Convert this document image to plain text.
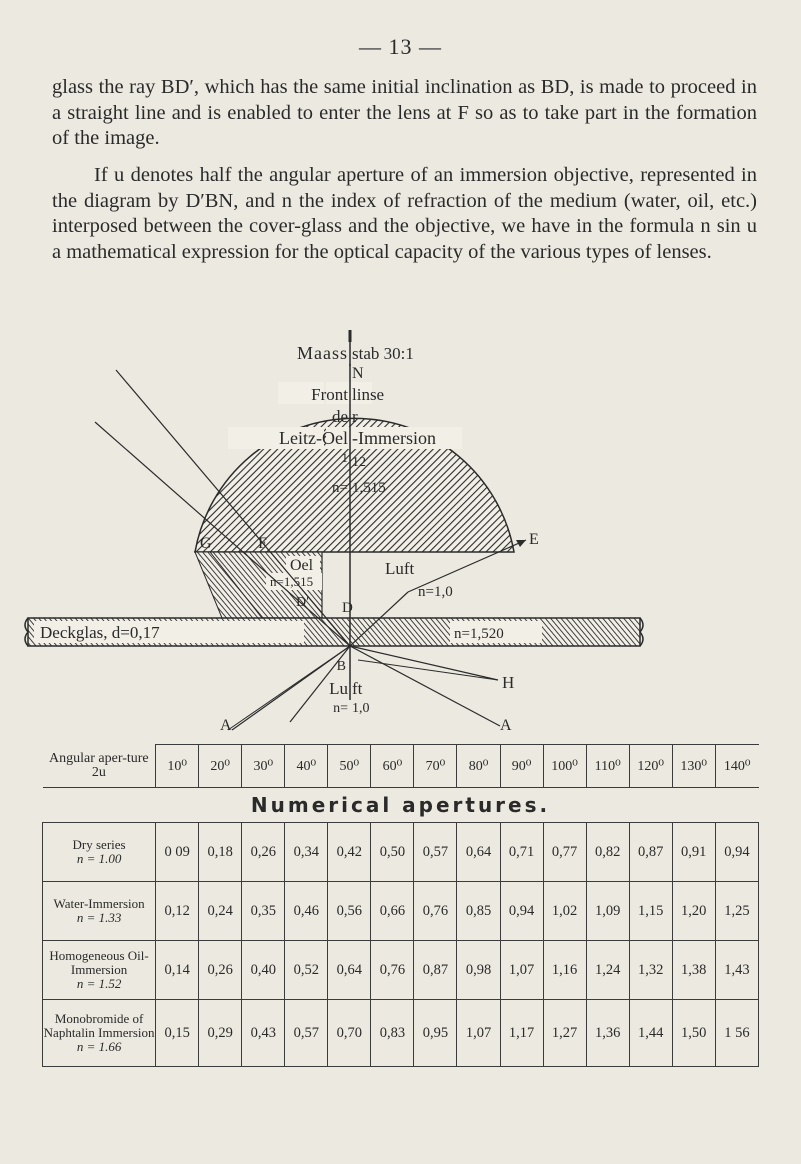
— 13 —
glass the ray BD′, which has the same initial inclination as BD, is made to proceed in a straight line and is enabled to enter the lens at F so as to take part in the formation of the image.
If u denotes half the angular aperture of an immersion objective, represented in the diagram by D′BN, and n the index of refraction of the medium (water, oil, etc.) interposed between the cover-glass and the objective, we have in the formula n sin u a mathematical expression for the optical capacity of the various types of lenses.
Maass stab 30:1
N
Front linse
de r
Leitz-Oel -Immersion
1 12
n= 1,515
G	F
Oel
n=1,515
D′ D
Luft
n=1,0
E
Deckglas, d=0,17	n=1,520
B
Lu ft
n= 1,0
H
A	A
Angular aper-ture 2u	10⁰	20⁰	30⁰	40⁰	50⁰	60⁰	70⁰	80⁰	90⁰	100⁰	110⁰	120⁰	130⁰	140⁰
Numerical apertures.														
Dry series
n = 1.00	0 09	0,18	0,26	0,34	0,42	0,50	0,57	0,64	0,71	0,77	0,82	0,87	0,91	0,94
Water-Immersion
n = 1.33	0,12	0,24	0,35	0,46	0,56	0,66	0,76	0,85	0,94	1,02	1,09	1,15	1,20	1,25
Homogeneous Oil-Immersion
n = 1.52	0,14	0,26	0,40	0,52	0,64	0,76	0,87	0,98	1,07	1,16	1,24	1,32	1,38	1,43
Monobromide of Naphtalin Immersion
n = 1.66	0,15	0,29	0,43	0,57	0,70	0,83	0,95	1,07	1,17	1,27	1,36	1,44	1,50	1 56
